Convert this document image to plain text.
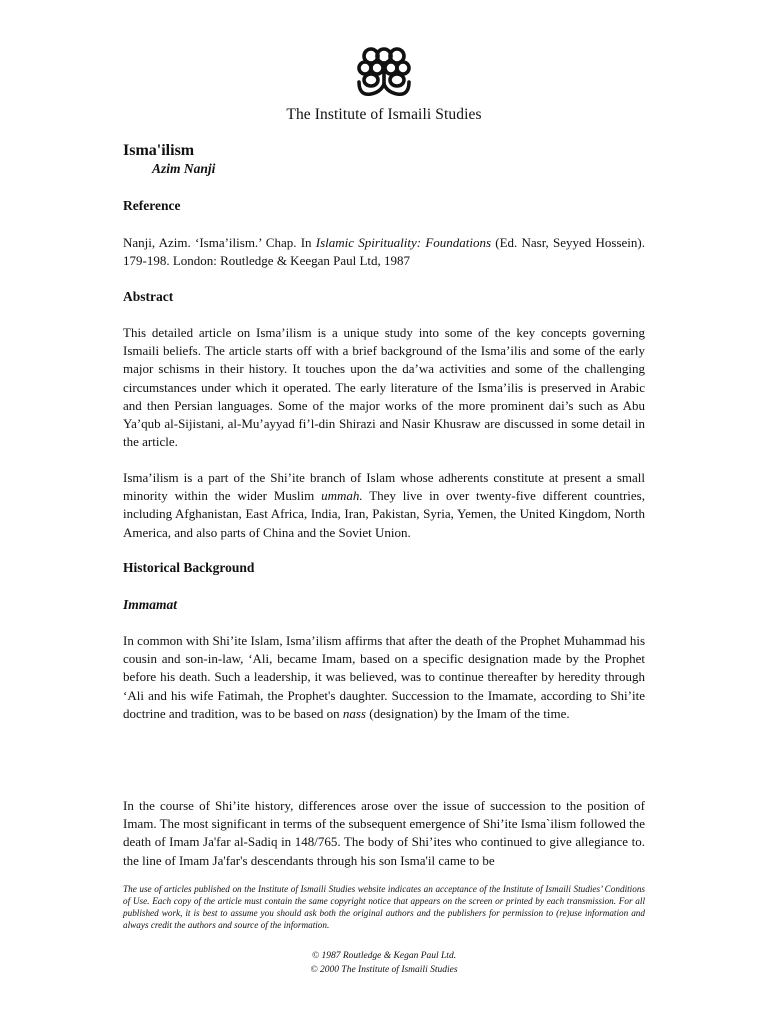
The Institute of Ismaili Studies
Isma'ilism
Azim Nanji
Reference
Nanji, Azim. ‘Isma’ilism.’ Chap. In Islamic Spirituality: Foundations (Ed. Nasr, Seyyed Hossein). 179-198. London: Routledge & Keegan Paul Ltd, 1987
Abstract
This detailed article on Isma’ilism is a unique study into some of the key concepts governing Ismaili beliefs. The article starts off with a brief background of the Isma’ilis and some of the early major schisms in their history. It touches upon the da’wa activities and some of the challenging circumstances under which it operated. The early literature of the Isma’ilis is preserved in Arabic and then Persian languages. Some of the major works of the more prominent dai’s such as Abu Ya’qub al-Sijistani, al-Mu’ayyad fi’l-din Shirazi and Nasir Khusraw are discussed in some detail in the article.
Isma’ilism is a part of the Shi’ite branch of Islam whose adherents constitute at present a small minority within the wider Muslim ummah. They live in over twenty-five different countries, including Afghanistan, East Africa, India, Iran, Pakistan, Syria, Yemen, the United Kingdom, North America, and also parts of China and the Soviet Union.
Historical Background
Immamat
In common with Shi’ite Islam, Isma’ilism affirms that after the death of the Prophet Muhammad his cousin and son-in-law, ‘Ali, became Imam, based on a specific designation made by the Prophet before his death. Such a leadership, it was believed, was to continue thereafter by heredity through ‘Ali and his wife Fatimah, the Prophet's daughter. Succession to the Imamate, according to Shi’ite doctrine and tradition, was to be based on nass (designation) by the Imam of the time.
In the course of Shi’ite history, differences arose over the issue of succession to the position of Imam. The most significant in terms of the subsequent emergence of Shi’ite Isma`ilism followed the death of Imam Ja'far al-Sadiq in 148/765. The body of Shi’ites who continued to give allegiance to. the line of Imam Ja'far's descendants through his son Isma'il came to be
The use of articles published on the Institute of Ismaili Studies website indicates an acceptance of the Institute of Ismaili Studies’ Conditions of Use. Each copy of the article must contain the same copyright notice that appears on the screen or printed by each transmission. For all published work, it is best to assume you should ask both the original authors and the publishers for permission to (re)use information and always credit the authors and source of the information.
© 1987 Routledge & Kegan Paul Ltd.
© 2000 The Institute of Ismaili Studies
